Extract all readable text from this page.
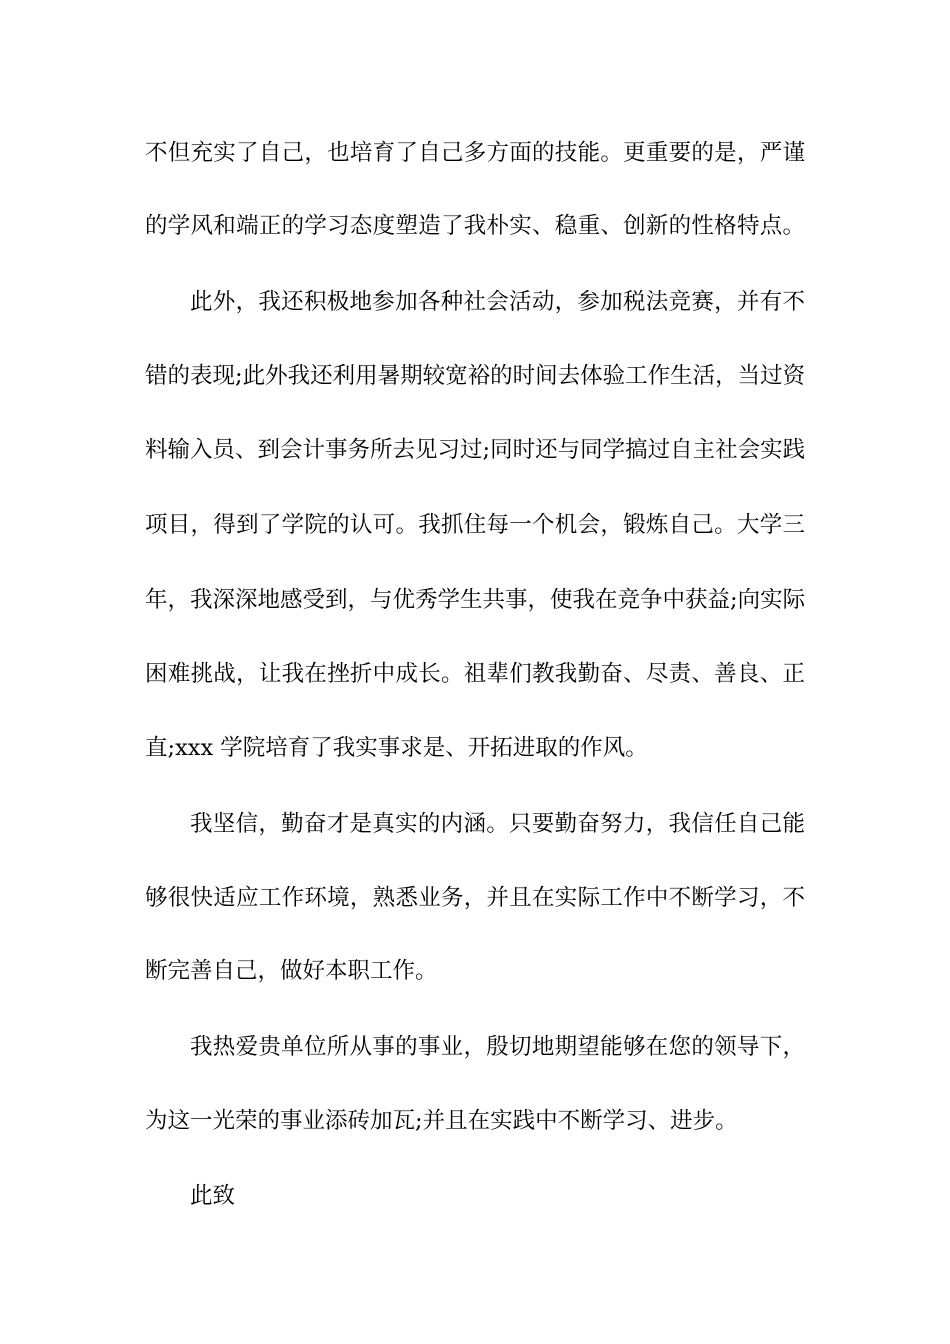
不但充实了自己，也培育了自己多方面的技能。更重要的是，严谨
的学风和端正的学习态度塑造了我朴实、稳重、创新的性格特点。
此外，我还积极地参加各种社会活动，参加税法竞赛，并有不
错的表现;此外我还利用暑期较宽裕的时间去体验工作生活，当过资
料输入员、到会计事务所去见习过;同时还与同学搞过自主社会实践
项目，得到了学院的认可。我抓住每一个机会，锻炼自己。大学三
年，我深深地感受到，与优秀学生共事，使我在竞争中获益;向实际
困难挑战，让我在挫折中成长。祖辈们教我勤奋、尽责、善良、正
直;xxx 学院培育了我实事求是、开拓进取的作风。
我坚信，勤奋才是真实的内涵。只要勤奋努力，我信任自己能
够很快适应工作环境，熟悉业务，并且在实际工作中不断学习，不
断完善自己，做好本职工作。
我热爱贵单位所从事的事业，殷切地期望能够在您的领导下，
为这一光荣的事业添砖加瓦;并且在实践中不断学习、进步。
此致
